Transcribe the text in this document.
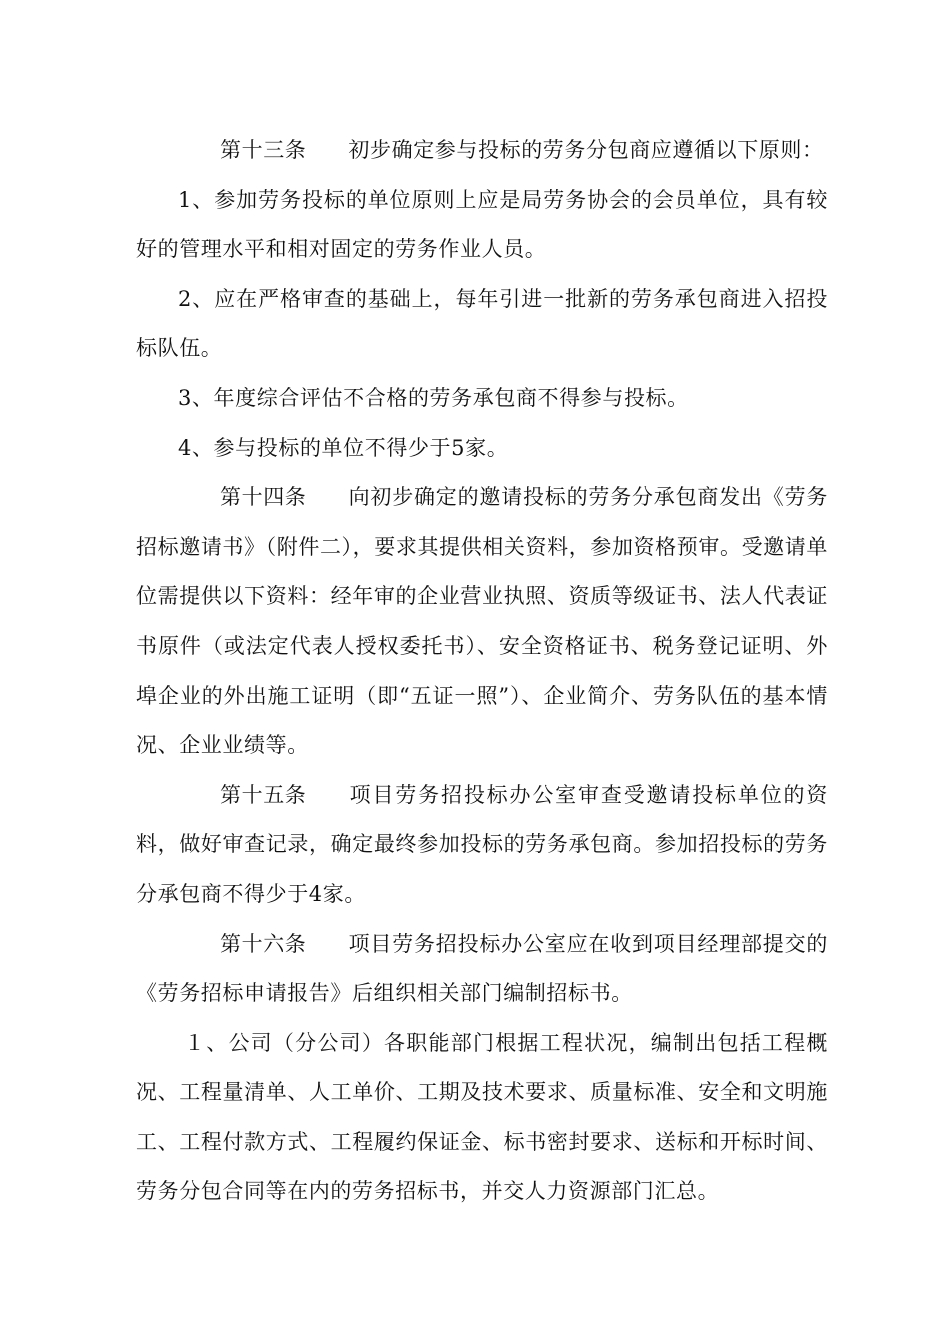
第十三条 初步确定参与投标的劳务分包商应遵循以下原则：

1、参加劳务投标的单位原则上应是局劳务协会的会员单位，具有较好的管理水平和相对固定的劳务作业人员。

2、应在严格审查的基础上，每年引进一批新的劳务承包商进入招投标队伍。

3、年度综合评估不合格的劳务承包商不得参与投标。

4、参与投标的单位不得少于5家。

第十四条 向初步确定的邀请投标的劳务分承包商发出《劳务招标邀请书》（附件二），要求其提供相关资料，参加资格预审。受邀请单位需提供以下资料：经年审的企业营业执照、资质等级证书、法人代表证书原件（或法定代表人授权委托书）、安全资格证书、税务登记证明、外埠企业的外出施工证明（即“五证一照”）、企业简介、劳务队伍的基本情况、企业业绩等。

第十五条 项目劳务招投标办公室审查受邀请投标单位的资料，做好审查记录，确定最终参加投标的劳务承包商。参加招投标的劳务分承包商不得少于4家。

第十六条 项目劳务招投标办公室应在收到项目经理部提交的《劳务招标申请报告》后组织相关部门编制招标书。

１、公司（分公司）各职能部门根据工程状况，编制出包括工程概况、工程量清单、人工单价、工期及技术要求、质量标准、安全和文明施工、工程付款方式、工程履约保证金、标书密封要求、送标和开标时间、劳务分包合同等在内的劳务招标书，并交人力资源部门汇总。
